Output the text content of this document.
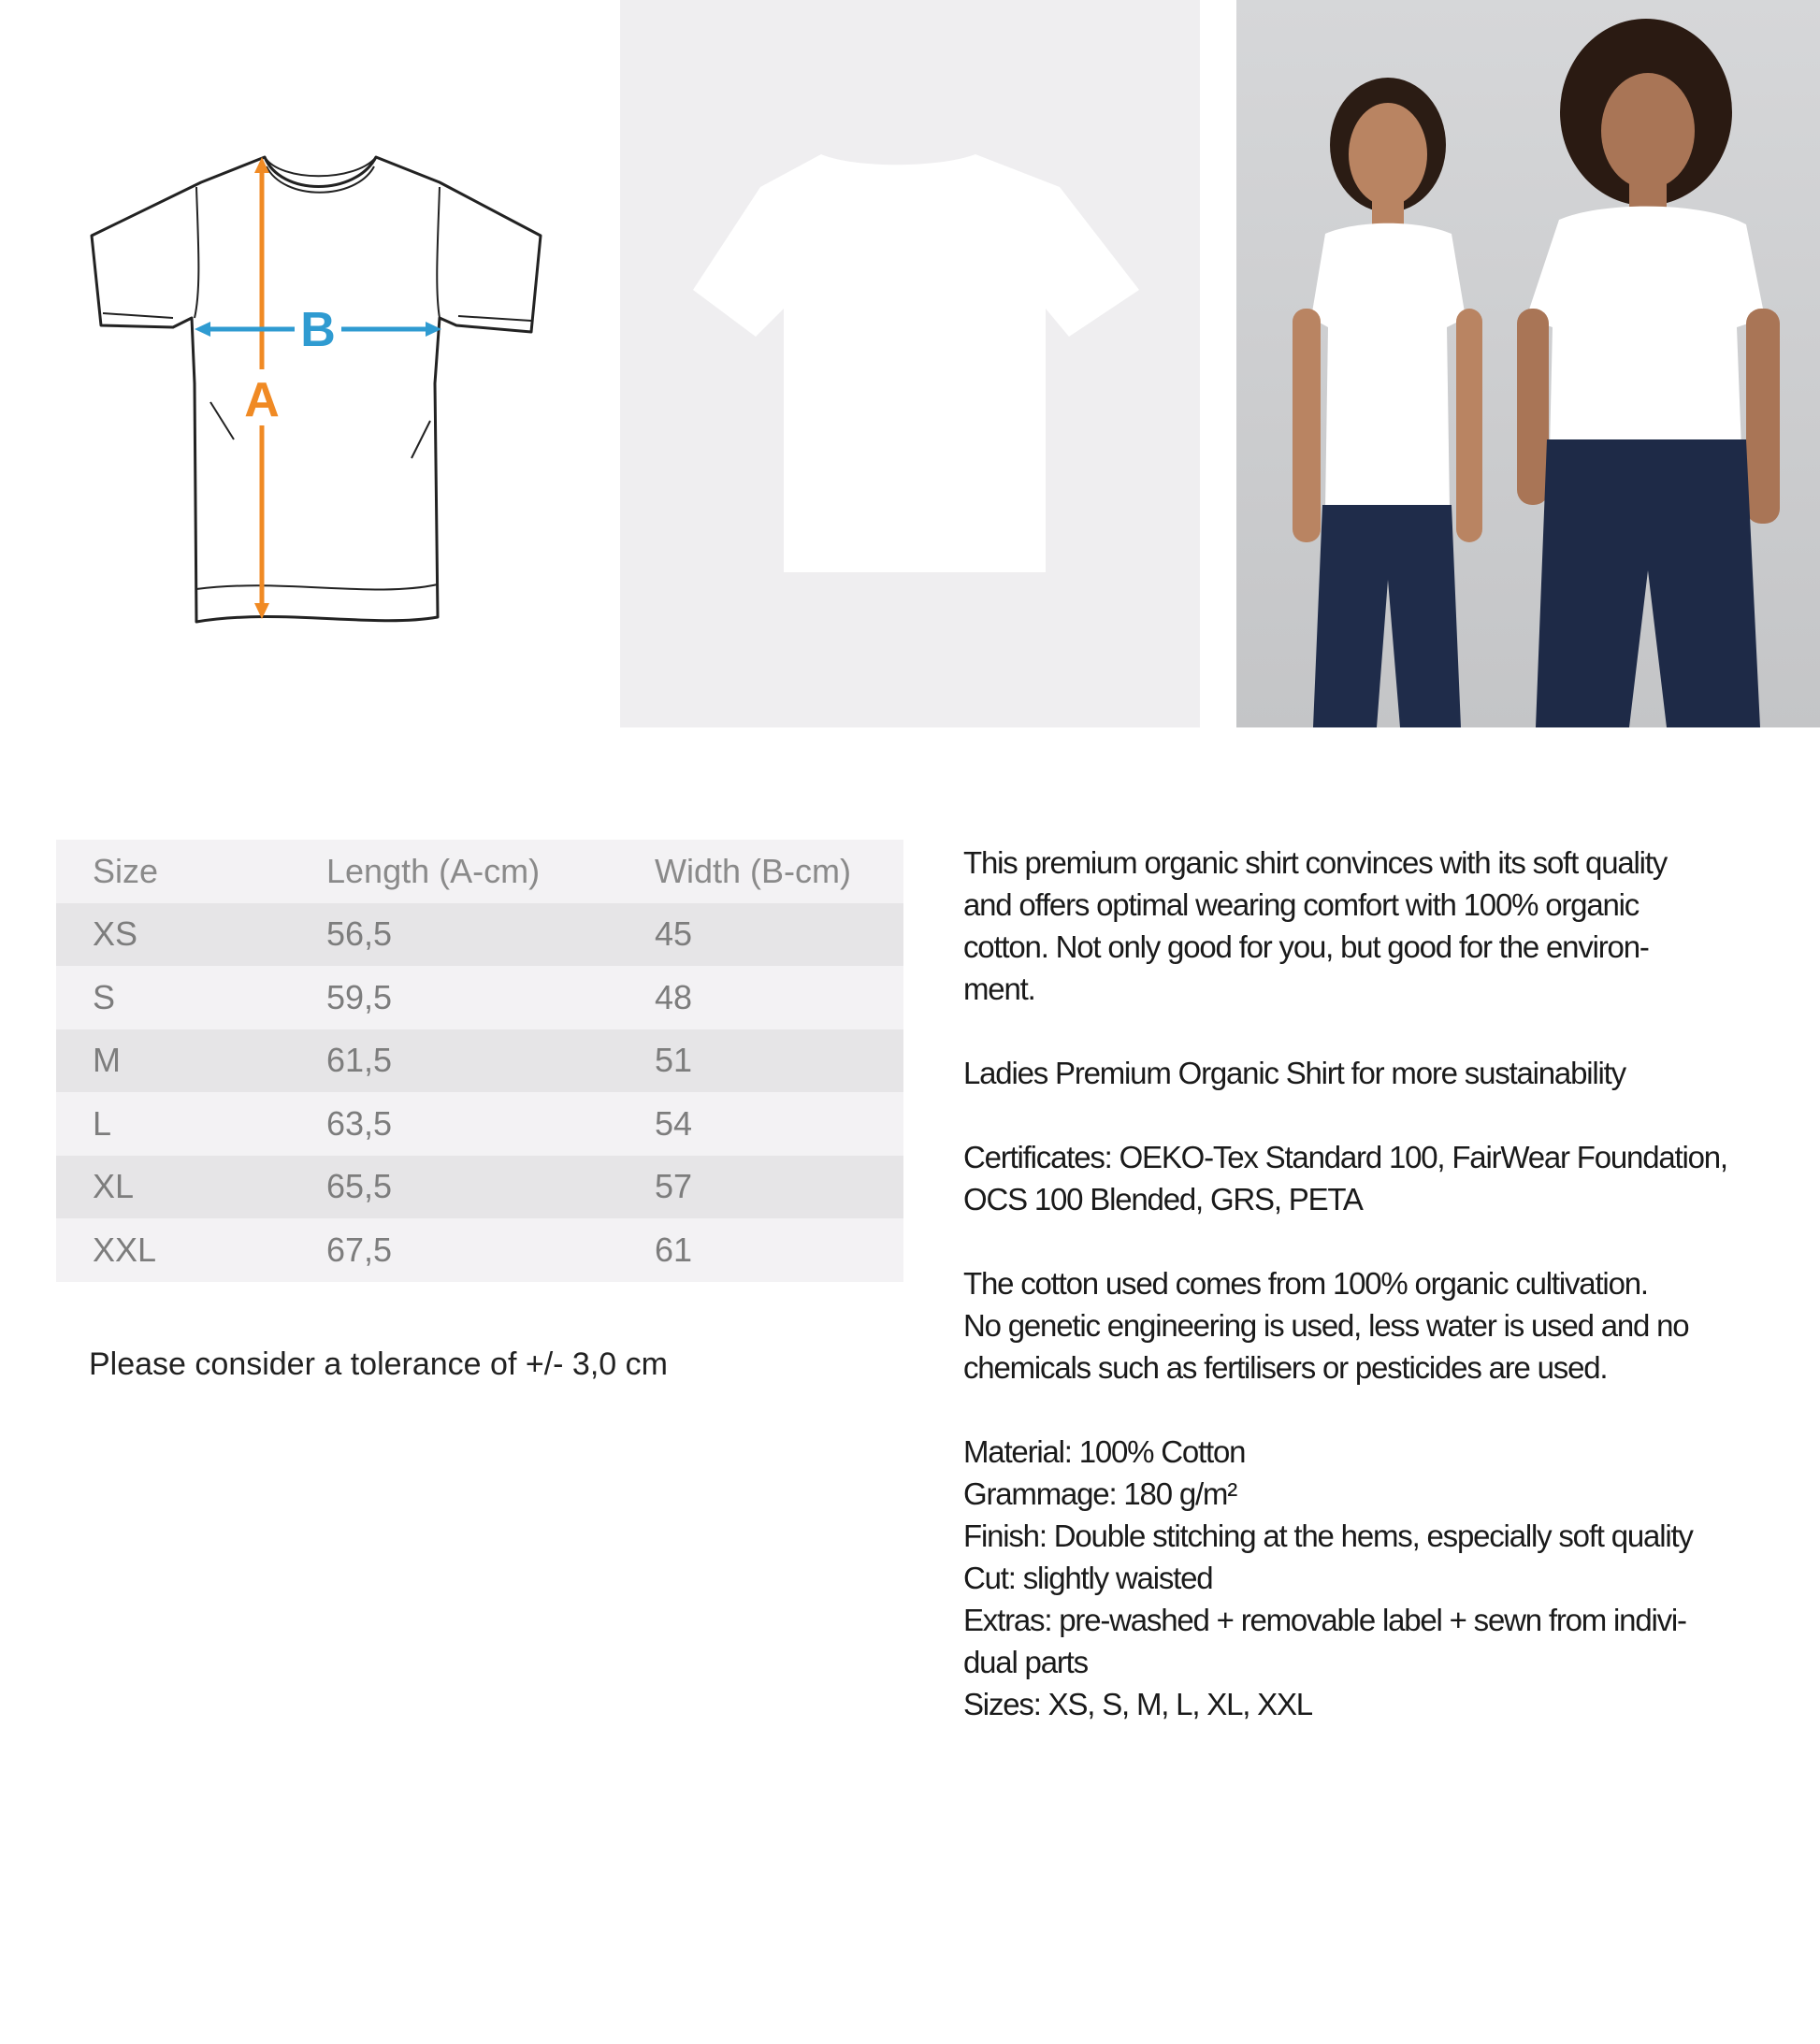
A
B
Size	Length (A-cm)	Width (B-cm)
XS	56,5	45
S	59,5	48
M	61,5	51
L	63,5	54
XL	65,5	57
XXL	67,5	61
Please consider a tolerance of +/- 3,0 cm

This premium organic shirt convinces with its soft quality
and offers optimal wearing comfort with 100% organic
cotton. Not only good for you, but good for the environ-
ment.

Ladies Premium Organic Shirt for more sustainability

Certificates: OEKO-Tex Standard 100, FairWear Foundation,
OCS 100 Blended, GRS, PETA

The cotton used comes from 100% organic cultivation.
No genetic engineering is used, less water is used and no
chemicals such as fertilisers or pesticides are used.

Material: 100% Cotton
Grammage: 180 g/m²
Finish: Double stitching at the hems, especially soft quality
Cut: slightly waisted
Extras: pre-washed + removable label + sewn from indivi-
dual parts
Sizes: XS, S, M, L, XL, XXL
